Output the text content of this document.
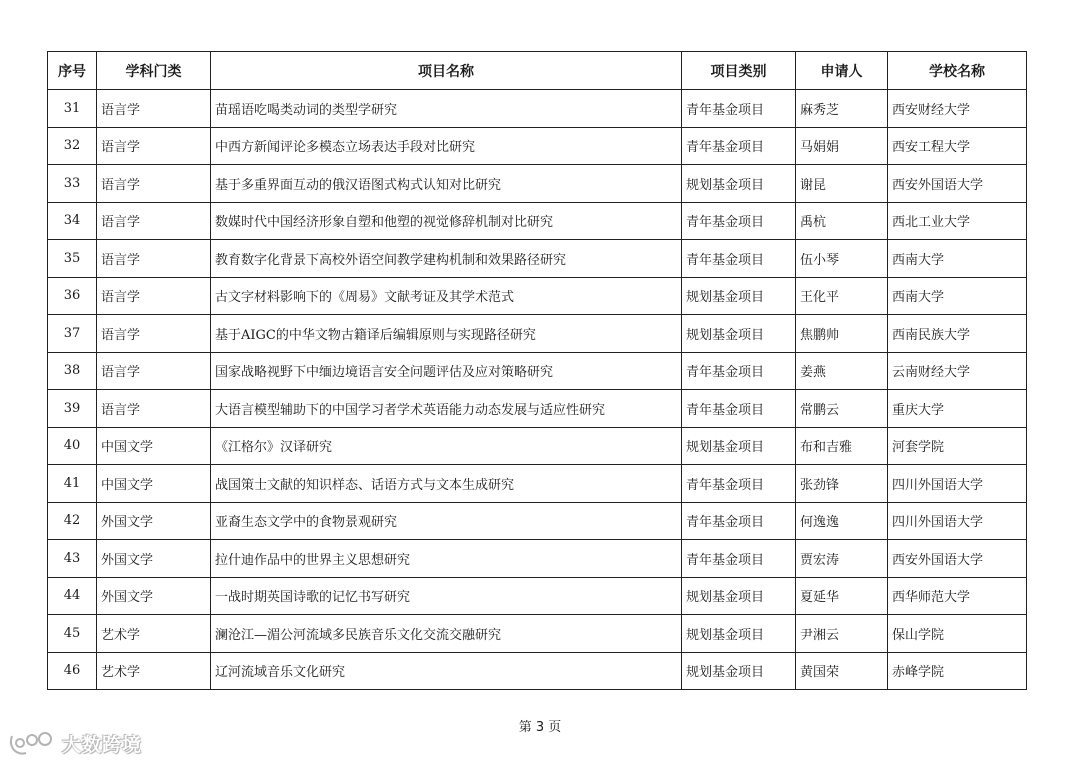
序号	学科门类	项目名称	项目类别	申请人	学校名称
31	语言学	苗瑶语吃喝类动词的类型学研究	青年基金项目	麻秀芝	西安财经大学
32	语言学	中西方新闻评论多模态立场表达手段对比研究	青年基金项目	马娟娟	西安工程大学
33	语言学	基于多重界面互动的俄汉语图式构式认知对比研究	规划基金项目	谢昆	西安外国语大学
34	语言学	数媒时代中国经济形象自塑和他塑的视觉修辞机制对比研究	青年基金项目	禹杭	西北工业大学
35	语言学	教育数字化背景下高校外语空间教学建构机制和效果路径研究	青年基金项目	伍小琴	西南大学
36	语言学	古文字材料影响下的《周易》文献考证及其学术范式	规划基金项目	王化平	西南大学
37	语言学	基于AIGC的中华文物古籍译后编辑原则与实现路径研究	规划基金项目	焦鹏帅	西南民族大学
38	语言学	国家战略视野下中缅边境语言安全问题评估及应对策略研究	青年基金项目	姜燕	云南财经大学
39	语言学	大语言模型辅助下的中国学习者学术英语能力动态发展与适应性研究	青年基金项目	常鹏云	重庆大学
40	中国文学	《江格尔》汉译研究	规划基金项目	布和吉雅	河套学院
41	中国文学	战国策士文献的知识样态、话语方式与文本生成研究	青年基金项目	张劲锋	四川外国语大学
42	外国文学	亚裔生态文学中的食物景观研究	青年基金项目	何逸逸	四川外国语大学
43	外国文学	拉什迪作品中的世界主义思想研究	青年基金项目	贾宏涛	西安外国语大学
44	外国文学	一战时期英国诗歌的记忆书写研究	规划基金项目	夏延华	西华师范大学
45	艺术学	澜沧江—湄公河流域多民族音乐文化交流交融研究	规划基金项目	尹湘云	保山学院
46	艺术学	辽河流域音乐文化研究	规划基金项目	黄国荣	赤峰学院
第 3 页
大数跨境
